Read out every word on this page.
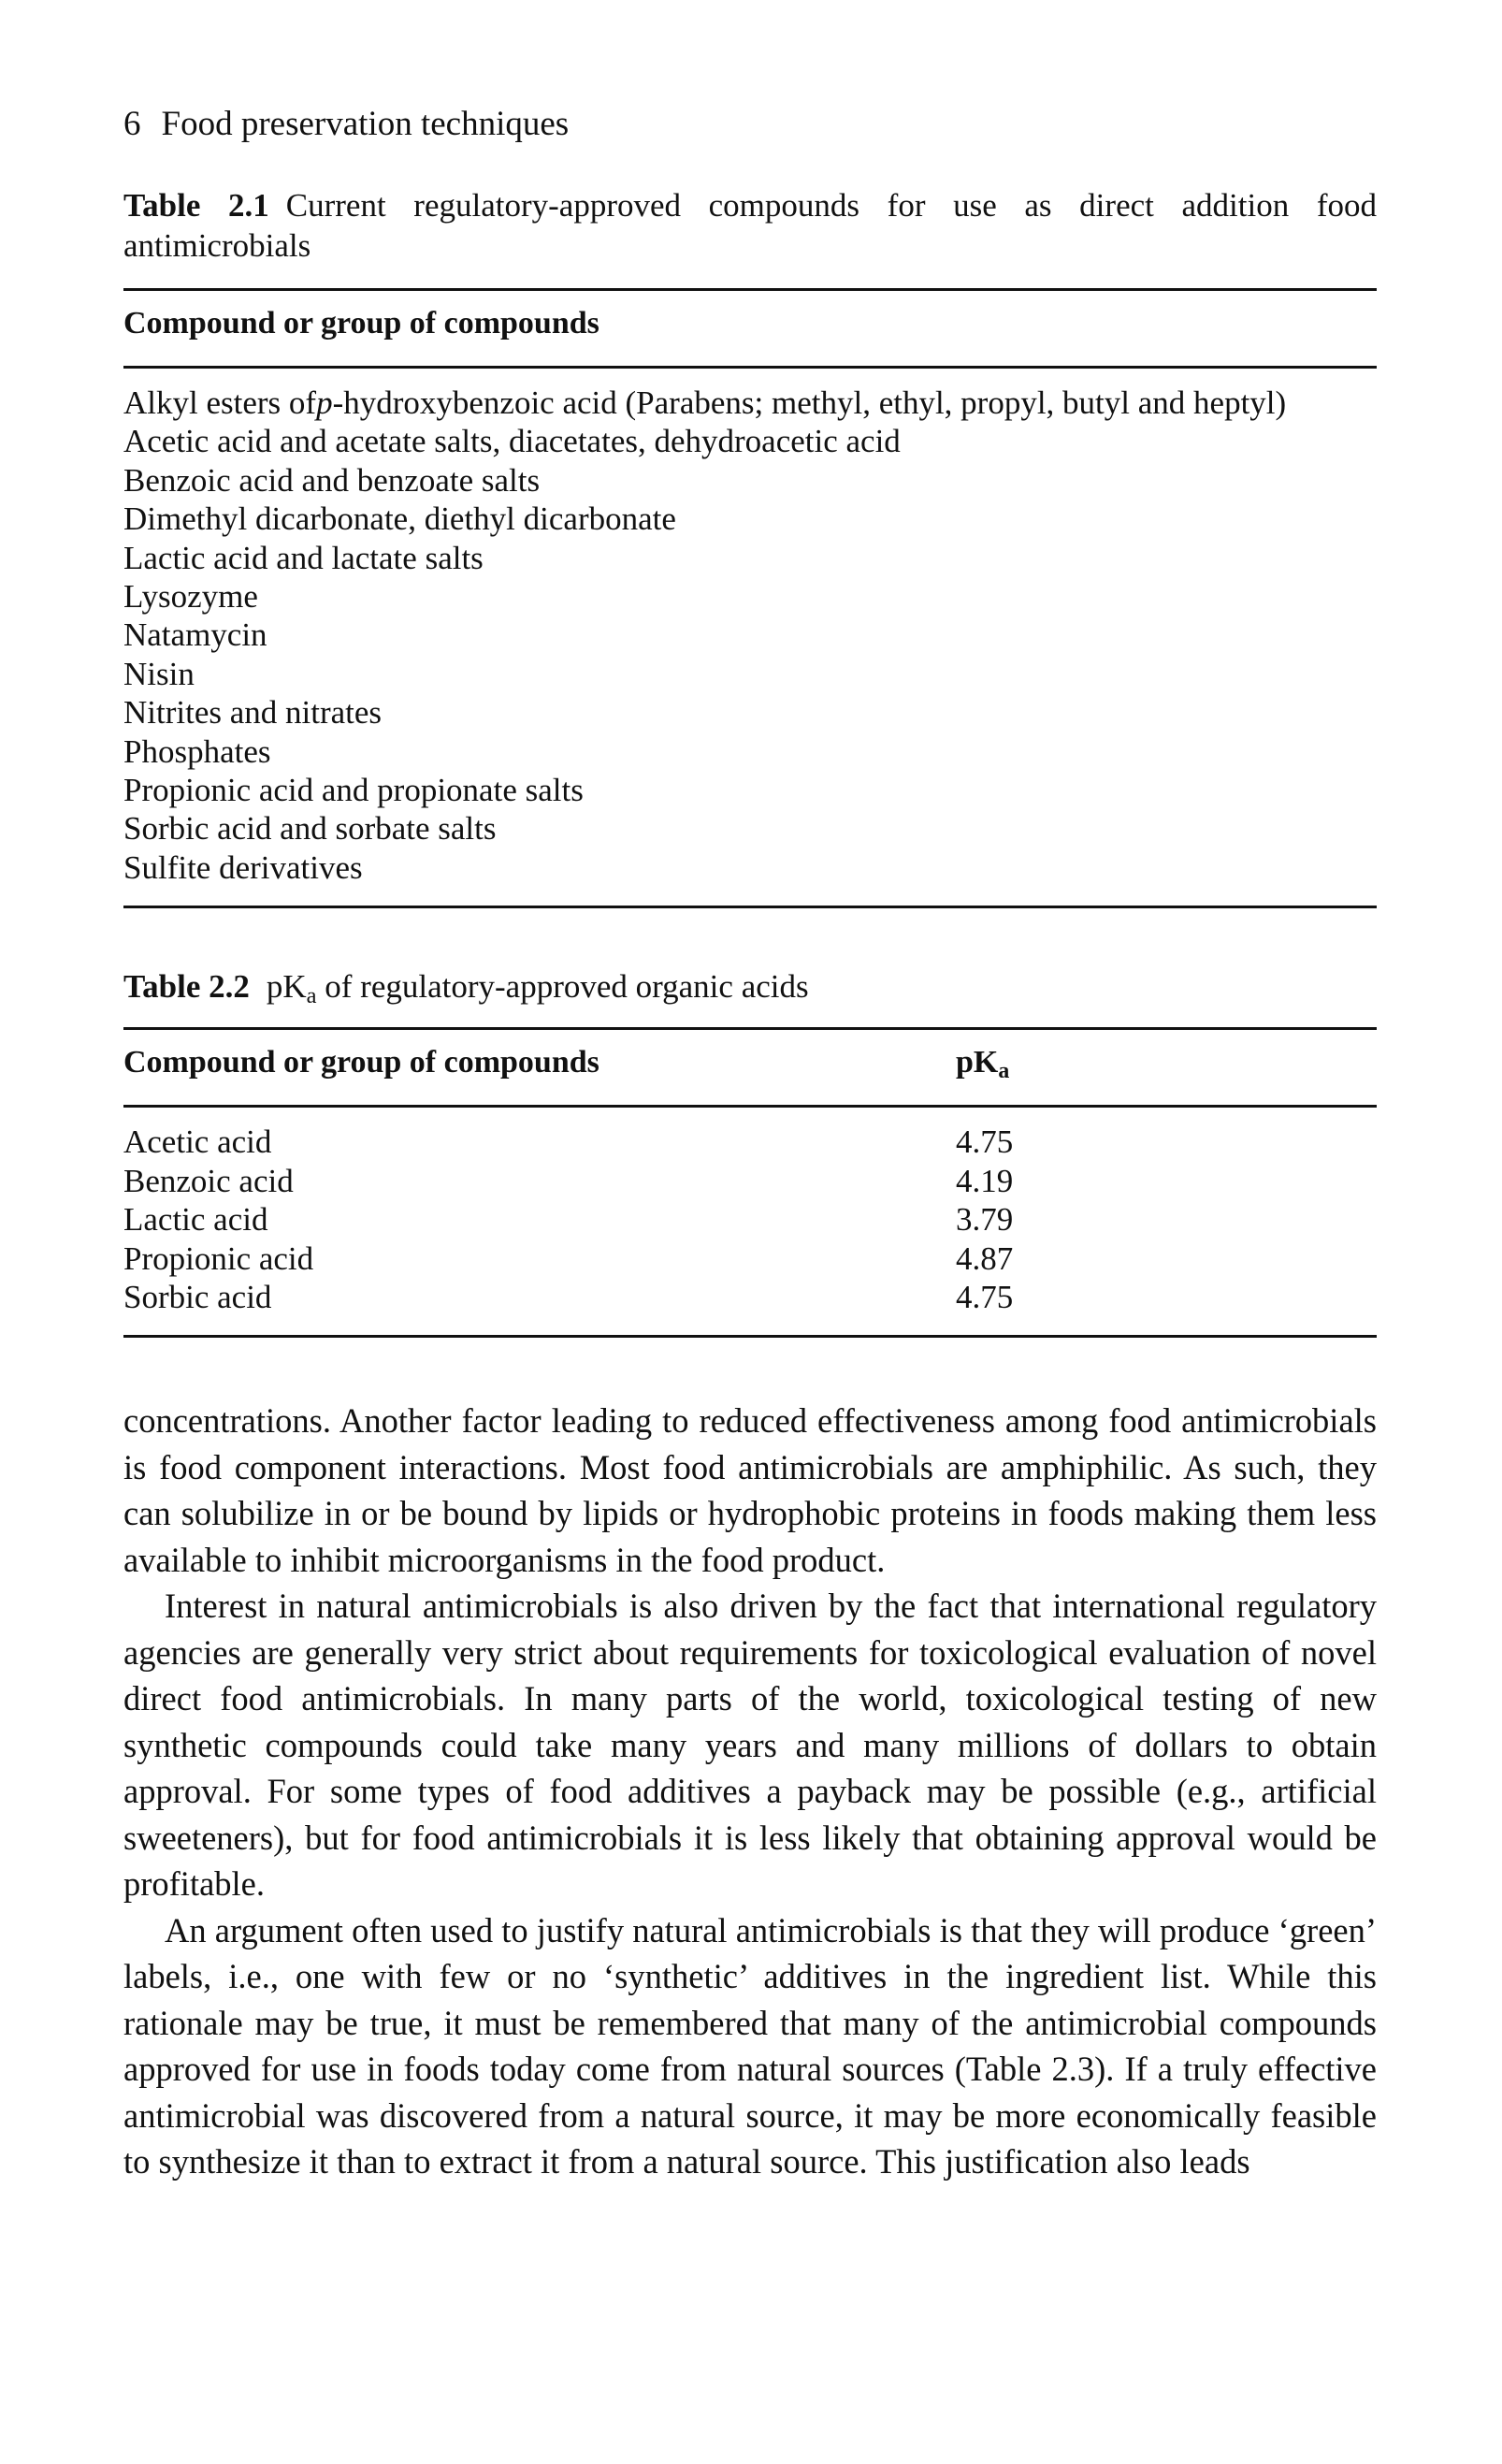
6 Food preservation techniques
Table 2.1 Current regulatory-approved compounds for use as direct addition food antimicrobials
Compound or group of compounds
Alkyl esters of p -hydroxybenzoic acid (Parabens; methyl, ethyl, propyl, butyl and heptyl)
Acetic acid and acetate salts, diacetates, dehydroacetic acid
Benzoic acid and benzoate salts
Dimethyl dicarbonate, diethyl dicarbonate
Lactic acid and lactate salts
Lysozyme
Natamycin
Nisin
Nitrites and nitrates
Phosphates
Propionic acid and propionate salts
Sorbic acid and sorbate salts
Sulfite derivatives
Table 2.2 $pK_a$ of regulatory-approved organic acids
Compound or group of compounds	$pK_a$
Acetic acid	4.75
Benzoic acid	4.19
Lactic acid	3.79
Propionic acid	4.87
Sorbic acid	4.75

concentrations. Another factor leading to reduced effectiveness among food antimicrobials is food component interactions. Most food antimicrobials are amphiphilic. As such, they can solubilize in or be bound by lipids or hydrophobic proteins in foods making them less available to inhibit microorganisms in the food product.

Interest in natural antimicrobials is also driven by the fact that international regulatory agencies are generally very strict about requirements for toxicological evaluation of novel direct food antimicrobials. In many parts of the world, toxicological testing of new synthetic compounds could take many years and many millions of dollars to obtain approval. For some types of food additives a payback may be possible (e.g., artificial sweeteners), but for food antimicrobials it is less likely that obtaining approval would be profitable.

An argument often used to justify natural antimicrobials is that they will produce ‘green’ labels, i.e., one with few or no ‘synthetic’ additives in the ingredient list. While this rationale may be true, it must be remembered that many of the antimicrobial compounds approved for use in foods today come from natural sources (Table 2.3). If a truly effective antimicrobial was discovered from a natural source, it may be more economically feasible to synthesize it than to extract it from a natural source. This justification also leads
